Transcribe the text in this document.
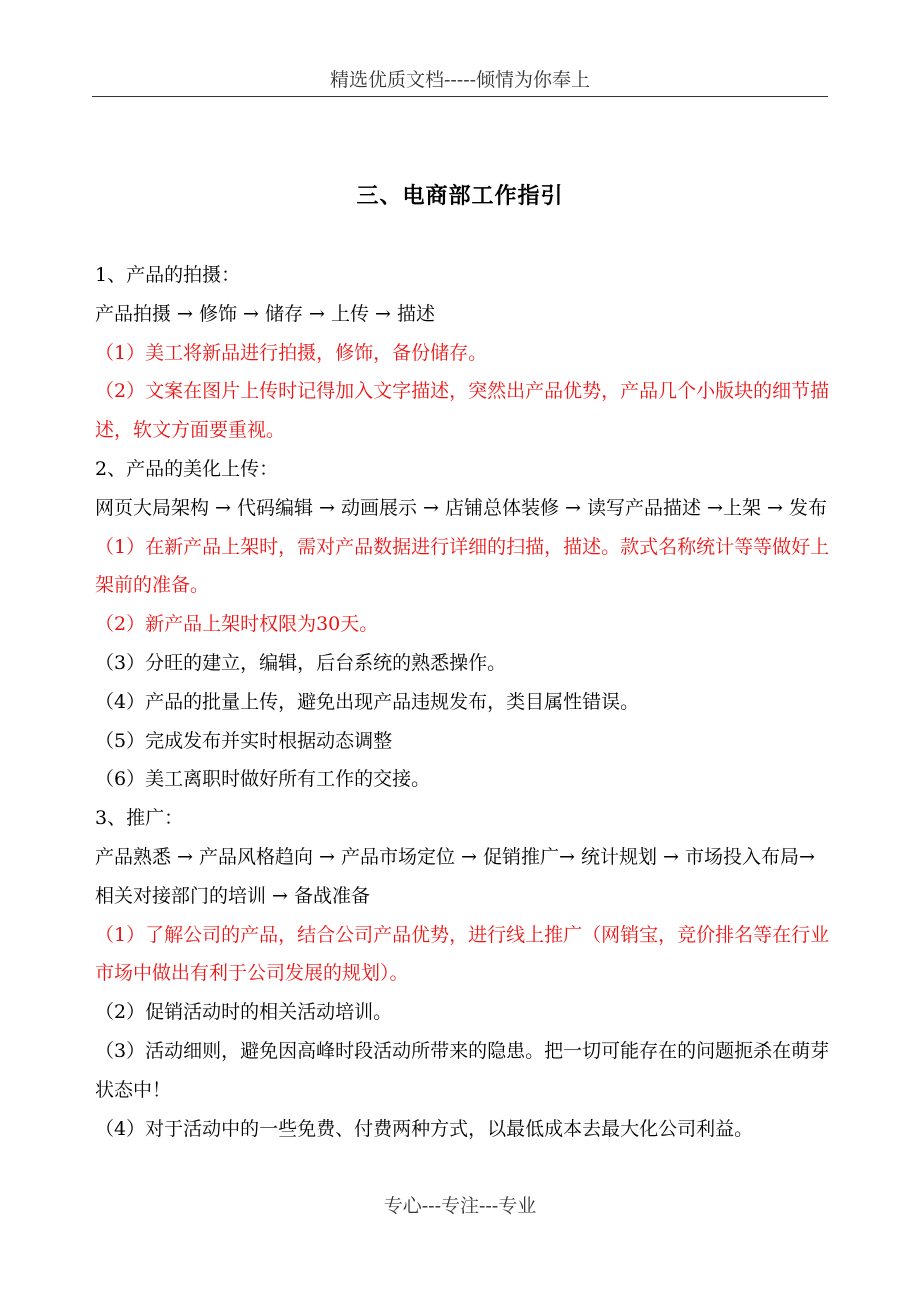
精选优质文档-----倾情为你奉上
三、电商部工作指引

1、产品的拍摄：

产品拍摄 → 修饰 → 储存 → 上传 → 描述

（1）美工将新品进行拍摄，修饰，备份储存。

（2）文案在图片上传时记得加入文字描述，突然出产品优势，产品几个小版块的细节描述，软文方面要重视。

2、产品的美化上传：

网页大局架构 → 代码编辑 → 动画展示 → 店铺总体装修 → 读写产品描述 →上架 → 发布

（1）在新产品上架时，需对产品数据进行详细的扫描，描述。款式名称统计等等做好上架前的准备。

（2）新产品上架时权限为30天。

（3）分旺的建立，编辑，后台系统的熟悉操作。

（4）产品的批量上传，避免出现产品违规发布，类目属性错误。

（5）完成发布并实时根据动态调整

（6）美工离职时做好所有工作的交接。

3、推广：

产品熟悉 → 产品风格趋向 → 产品市场定位 → 促销推广→ 统计规划 → 市场投入布局→ 相关对接部门的培训 → 备战准备

（1）了解公司的产品，结合公司产品优势，进行线上推广（网销宝，竞价排名等在行业市场中做出有利于公司发展的规划）。

（2）促销活动时的相关活动培训。

（3）活动细则，避免因高峰时段活动所带来的隐患。把一切可能存在的问题扼杀在萌芽状态中！

（4）对于活动中的一些免费、付费两种方式，以最低成本去最大化公司利益。

专心---专注---专业
